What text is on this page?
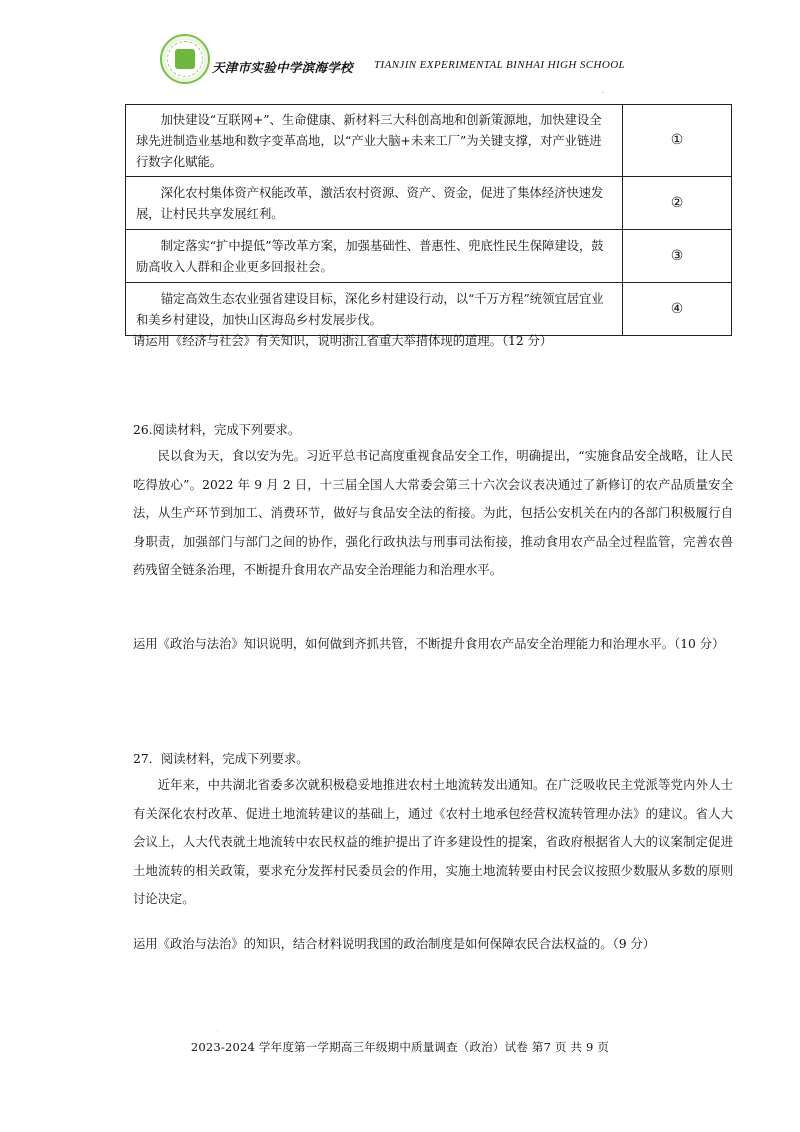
天津市实验中学滨海学校 TIANJIN EXPERIMENTAL BINHAI HIGH SCHOOL
.
加快建设“互联网+”、生命健康、新材料三大科创高地和创新策源地，加快建设全球先进制造业基地和数字变革高地，以“产业大脑+未来工厂”为关键支撑，对产业链进行数字化赋能。	①
深化农村集体资产权能改革，激活农村资源、资产、资金，促进了集体经济快速发展，让村民共享发展红利。	②
制定落实“扩中提低”等改革方案，加强基础性、普惠性、兜底性民生保障建设，鼓励高收入人群和企业更多回报社会。	③
锚定高效生态农业强省建设目标，深化乡村建设行动，以“千万方程”统领宜居宜业和美乡村建设，加快山区海岛乡村发展步伐。	④
请运用《经济与社会》有关知识，说明浙江省重大举措体现的道理。（12 分）
26.阅读材料，完成下列要求。
民以食为天，食以安为先。习近平总书记高度重视食品安全工作，明确提出，“实施食品安全战略，让人民吃得放心”。2022 年 9 月 2 日，十三届全国人大常委会第三十六次会议表决通过了新修订的农产品质量安全法，从生产环节到加工、消费环节，做好与食品安全法的衔接。为此，包括公安机关在内的各部门积极履行自身职责，加强部门与部门之间的协作，强化行政执法与刑事司法衔接，推动食用农产品全过程监管，完善农兽药残留全链条治理，不断提升食用农产品安全治理能力和治理水平。
运用《政治与法治》知识说明，如何做到齐抓共管，不断提升食用农产品安全治理能力和治理水平。（10 分）
27．阅读材料，完成下列要求。
近年来，中共湖北省委多次就积极稳妥地推进农村土地流转发出通知。在广泛吸收民主党派等党内外人士有关深化农村改革、促进土地流转建议的基础上，通过《农村土地承包经营权流转管理办法》的建议。省人大会议上，人大代表就土地流转中农民权益的维护提出了许多建设性的提案，省政府根据省人大的议案制定促进土地流转的相关政策，要求充分发挥村民委员会的作用，实施土地流转要由村民会议按照少数服从多数的原则讨论决定。
运用《政治与法治》的知识，结合材料说明我国的政治制度是如何保障农民合法权益的。（9 分）
.
2023-2024 学年度第一学期高三年级期中质量调查（政治）试卷 第7 页 共 9 页
